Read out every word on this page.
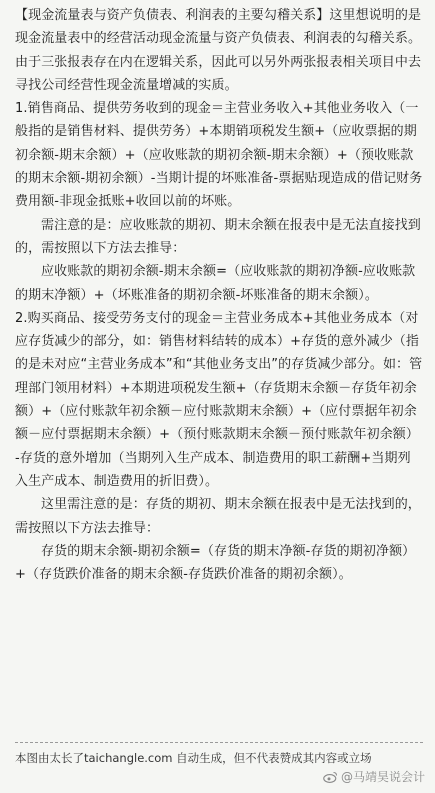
【现金流量表与资产负债表、利润表的主要勾稽关系】这里想说明的是现金流量表中的经营活动现金流量与资产负债表、利润表的勾稽关系。由于三张报表存在内在逻辑关系，因此可以另外两张报表相关项目中去寻找公司经营性现金流量增减的实质。

1.销售商品、提供劳务收到的现金＝主营业务收入+其他业务收入（一般指的是销售材料、提供劳务）+本期销项税发生额+（应收票据的期初余额-期末余额）+（应收账款的期初余额-期末余额）+（预收账款的期末余额-期初余额）-当期计提的坏账准备-票据贴现造成的借记财务费用额-非现金抵账+收回以前的坏账。

需注意的是：应收账款的期初、期末余额在报表中是无法直接找到的，需按照以下方法去推导：

应收账款的期初余额-期末余额=（应收账款的期初净额-应收账款的期末净额）+（坏账准备的期初余额-坏账准备的期末余额）。

2.购买商品、接受劳务支付的现金＝主营业务成本+其他业务成本（对应存货减少的部分，如：销售材料结转的成本）+存货的意外减少（指的是未对应“主营业务成本”和“其他业务支出”的存货减少部分。如：管理部门领用材料）+本期进项税发生额+（存货期末余额－存货年初余额）+（应付账款年初余额－应付账款期末余额）+（应付票据年初余额－应付票据期末余额）+（预付账款期末余额－预付账款年初余额）-存货的意外增加（当期列入生产成本、制造费用的职工薪酬+当期列入生产成本、制造费用的折旧费）。

这里需注意的是：存货的期初、期末余额在报表中是无法找到的，需按照以下方法去推导：

存货的期末余额-期初余额=（存货的期末净额-存货的期初净额）+（存货跌价准备的期末余额-存货跌价准备的期初余额）。

本图由太长了taichangle.com 自动生成，但不代表赞成其内容或立场
@马靖昊说会计
